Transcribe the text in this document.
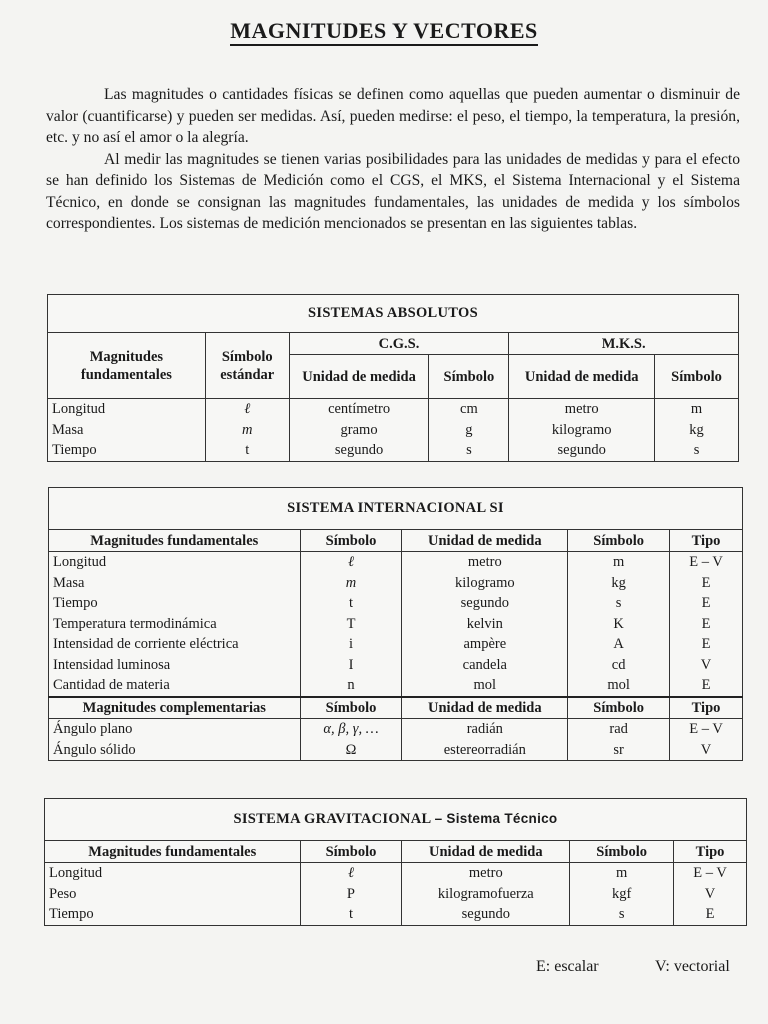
MAGNITUDES Y VECTORES

Las magnitudes o cantidades físicas se definen como aquellas que pueden aumentar o disminuir de valor (cuantificarse) y pueden ser medidas. Así, pueden medirse: el peso, el tiempo, la temperatura, la presión, etc. y no así el amor o la alegría.

Al medir las magnitudes se tienen varias posibilidades para las unidades de medidas y para el efecto se han definido los Sistemas de Medición como el CGS, el MKS, el Sistema Internacional y el Sistema Técnico, en donde se consignan las magnitudes fundamentales, las unidades de medida y los símbolos correspondientes. Los sistemas de medición mencionados se presentan en las siguientes tablas.

SISTEMAS ABSOLUTOS					
Magnitudes fundamentales	Símbolo estándar	C.G.S.		M.K.S.	
		Unidad de medida	Símbolo	Unidad de medida	Símbolo
Longitud	ℓ	centímetro	cm	metro	m
Masa	m	gramo	g	kilogramo	kg
Tiempo	t	segundo	s	segundo	s
SISTEMA INTERNACIONAL SI				
Magnitudes fundamentales	Símbolo	Unidad de medida	Símbolo	Tipo
Longitud	ℓ	metro	m	E – V
Masa	m	kilogramo	kg	E
Tiempo	t	segundo	s	E
Temperatura termodinámica	T	kelvin	K	E
Intensidad de corriente eléctrica	i	ampère	A	E
Intensidad luminosa	I	candela	cd	V
Cantidad de materia	n	mol	mol	E
Magnitudes complementarias	Símbolo	Unidad de medida	Símbolo	Tipo
Ángulo plano	α, β, γ, …	radián	rad	E – V
Ángulo sólido	Ω	estereorradián	sr	V
SISTEMA GRAVITACIONAL – Sistema Técnico				
Magnitudes fundamentales	Símbolo	Unidad de medida	Símbolo	Tipo
Longitud	ℓ	metro	m	E – V
Peso	P	kilogramofuerza	kgf	V
Tiempo	t	segundo	s	E
E: escalar	V: vectorial
